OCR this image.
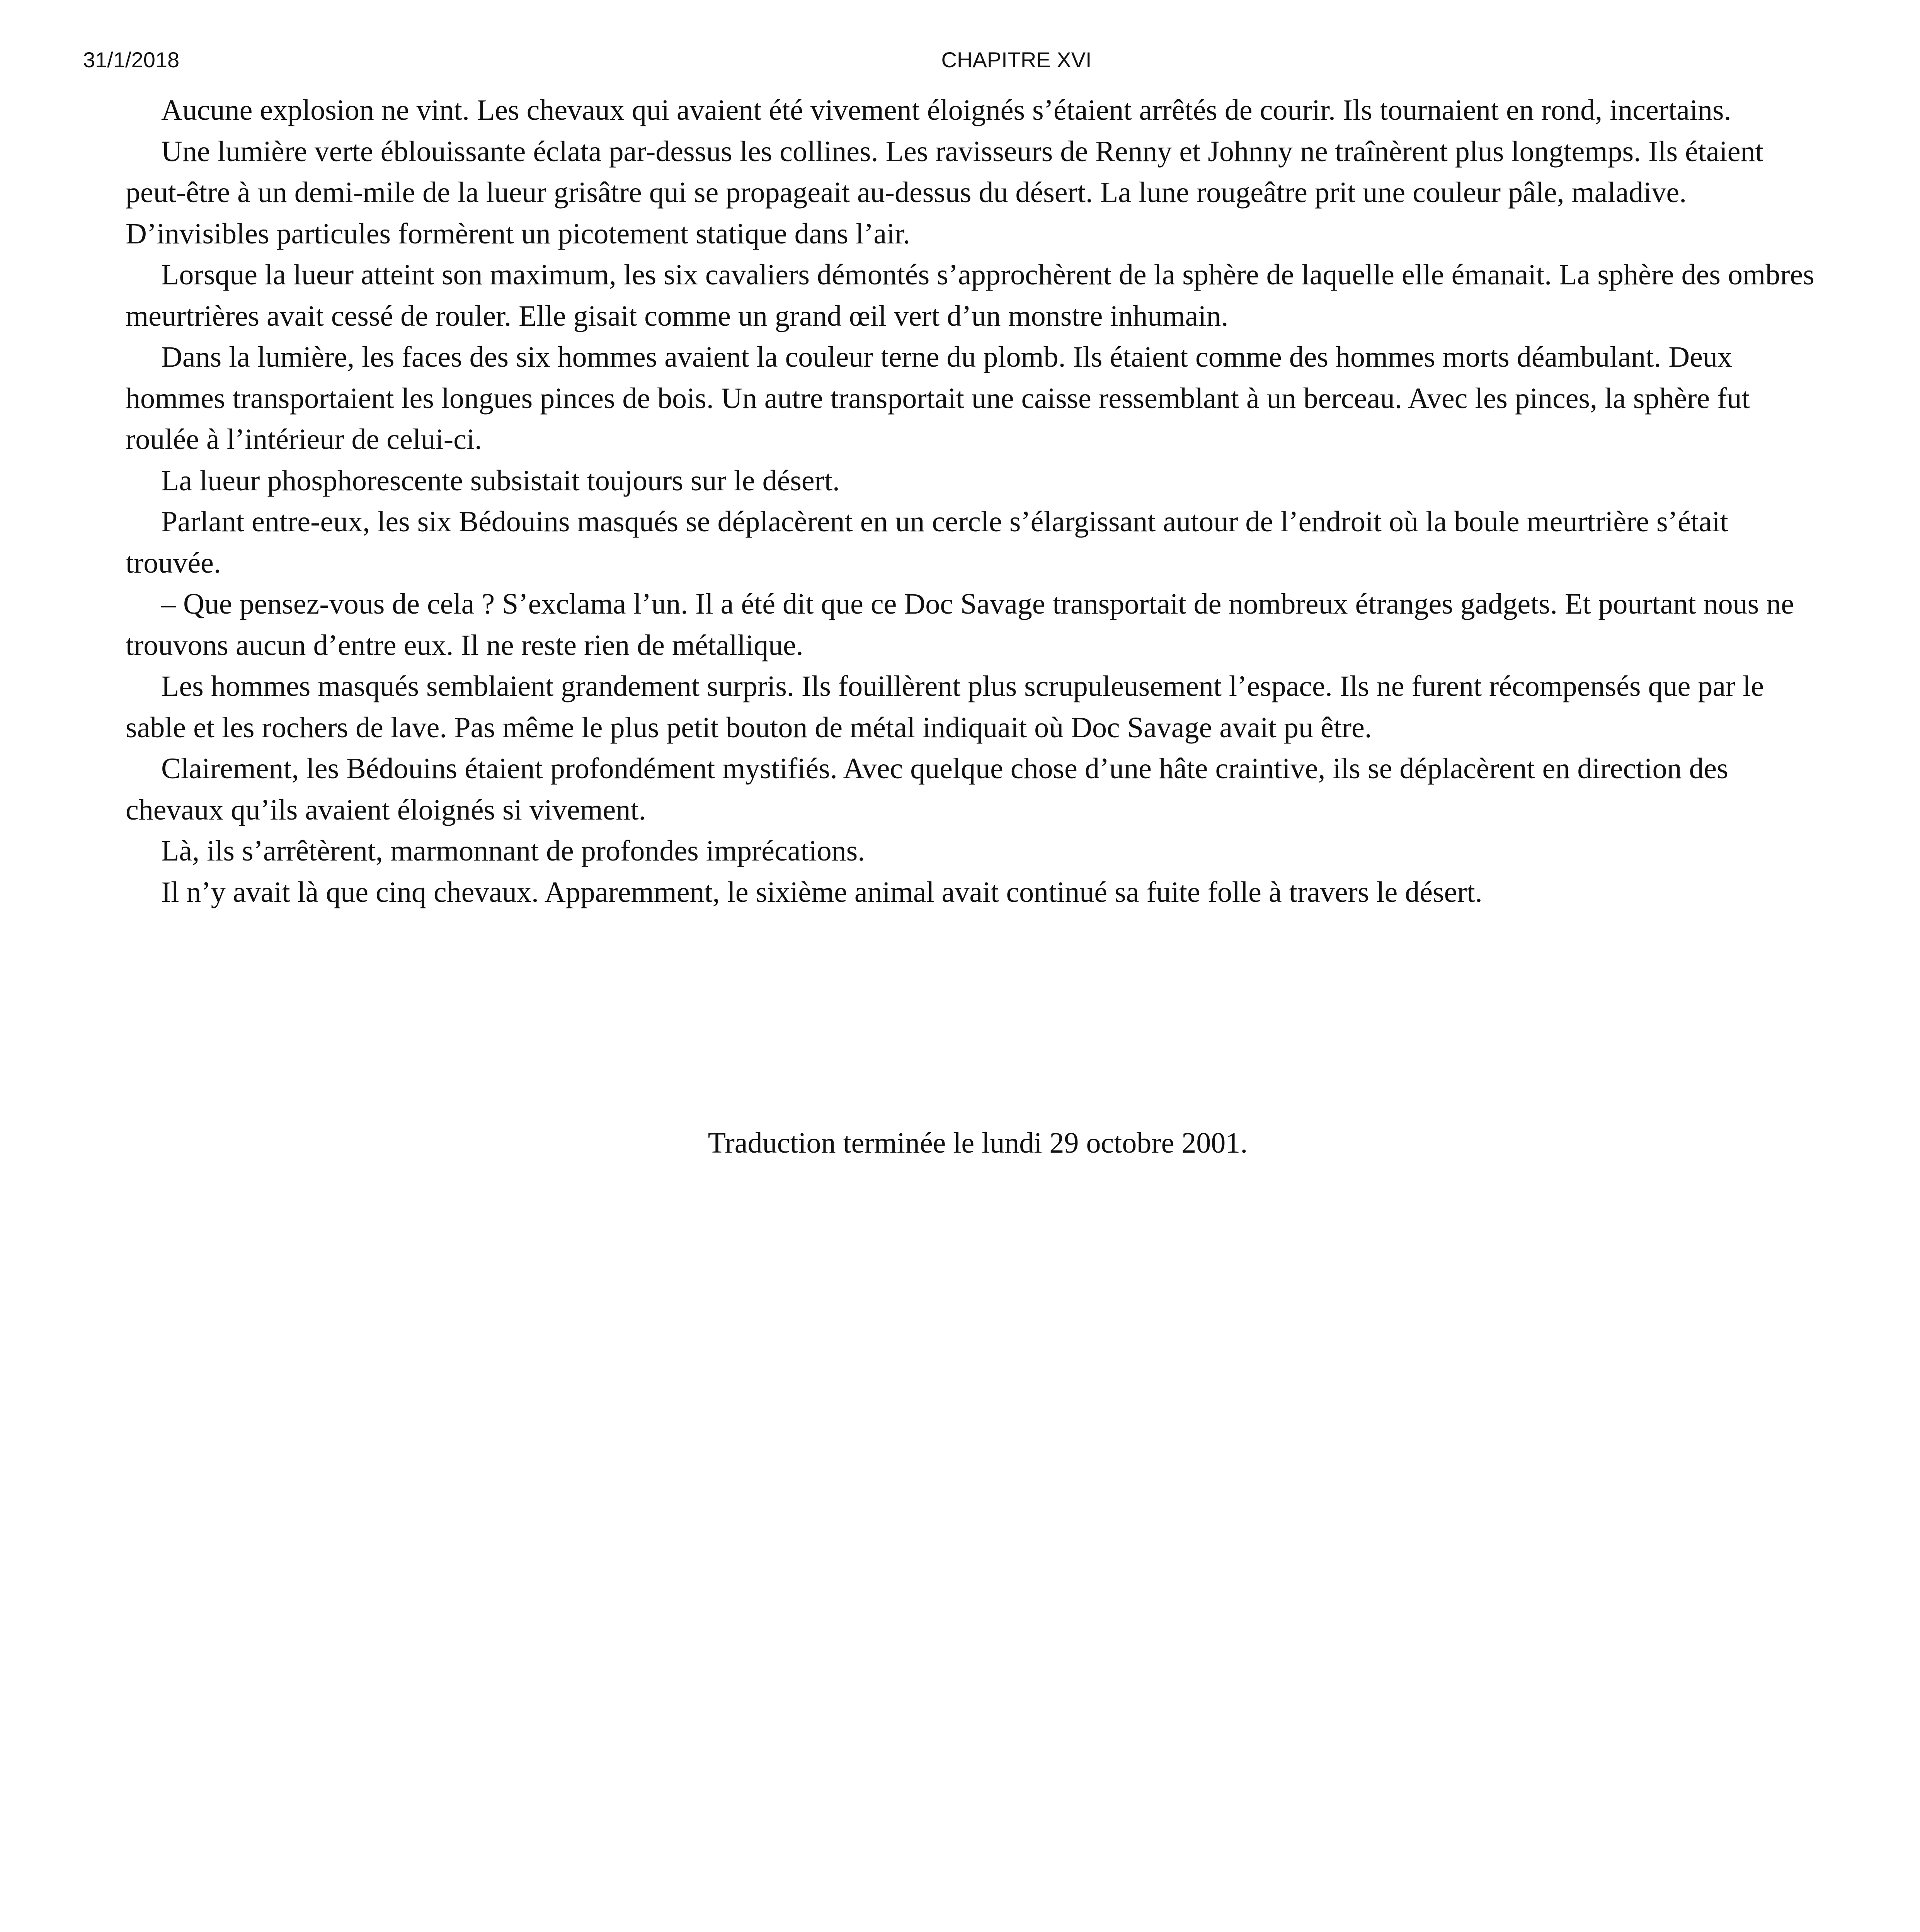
31/1/2018	CHAPITRE XVI

Aucune explosion ne vint. Les chevaux qui avaient été vivement éloignés s’étaient arrêtés de courir. Ils tournaient en rond, incertains.

Une lumière verte éblouissante éclata par-dessus les collines. Les ravisseurs de Renny et Johnny ne traînèrent plus longtemps. Ils étaient peut-être à un demi-mile de la lueur grisâtre qui se propageait au-dessus du désert. La lune rougeâtre prit une couleur pâle, maladive. D’invisibles particules formèrent un picotement statique dans l’air.

Lorsque la lueur atteint son maximum, les six cavaliers démontés s’approchèrent de la sphère de laquelle elle émanait. La sphère des ombres meurtrières avait cessé de rouler. Elle gisait comme un grand œil vert d’un monstre inhumain.

Dans la lumière, les faces des six hommes avaient la couleur terne du plomb. Ils étaient comme des hommes morts déambulant. Deux hommes transportaient les longues pinces de bois. Un autre transportait une caisse ressemblant à un berceau. Avec les pinces, la sphère fut roulée à l’intérieur de celui-ci.

La lueur phosphorescente subsistait toujours sur le désert.

Parlant entre-eux, les six Bédouins masqués se déplacèrent en un cercle s’élargissant autour de l’endroit où la boule meurtrière s’était trouvée.

– Que pensez-vous de cela ? S’exclama l’un. Il a été dit que ce Doc Savage transportait de nombreux étranges gadgets. Et pourtant nous ne trouvons aucun d’entre eux. Il ne reste rien de métallique.

Les hommes masqués semblaient grandement surpris. Ils fouillèrent plus scrupuleusement l’espace. Ils ne furent récompensés que par le sable et les rochers de lave. Pas même le plus petit bouton de métal indiquait où Doc Savage avait pu être.

Clairement, les Bédouins étaient profondément mystifiés. Avec quelque chose d’une hâte craintive, ils se déplacèrent en direction des chevaux qu’ils avaient éloignés si vivement.

Là, ils s’arrêtèrent, marmonnant de profondes imprécations.

Il n’y avait là que cinq chevaux. Apparemment, le sixième animal avait continué sa fuite folle à travers le désert.

Traduction terminée le lundi 29 octobre 2001.
